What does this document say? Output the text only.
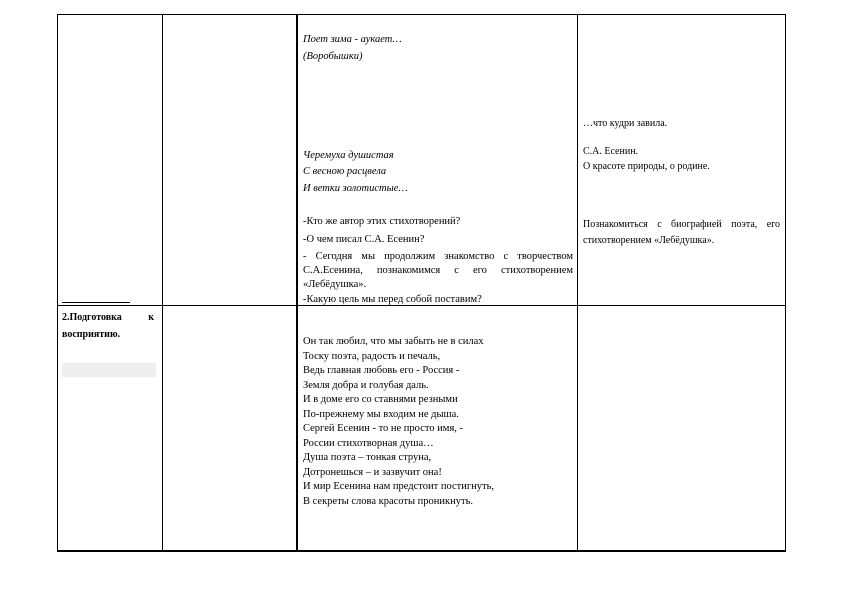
2.Подготовка к восприятию.
Поет зима - аукает…
(Воробышки)
Черемуха душистая
С весною расцвела
И ветки золотистые…
-Кто же автор этих стихотворений?
-О чем писал С.А. Есенин?
- Сегодня мы продолжим знакомство с творчеством С.А.Есенина, познакомимся с его стихотворением «Лебёдушка».
-Какую цель мы перед собой поставим?
Он так любил, что мы забыть не в силах
Тоску поэта, радость и печаль,
Ведь главная любовь его - Россия -
Земля добра и голубая даль.
И в доме его со ставнями резными
По-прежнему мы входим не дыша.
Сергей Есенин - то не просто имя, -
России стихотворная душа…
Душа поэта – тонкая струна,
Дотронешься – и зазвучит она!
И мир Есенина нам предстоит постигнуть,
В секреты слова красоты проникнуть.
…что кудри завила.
С.А. Есенин.
О красоте природы, о родине.
Познакомиться с биографией поэта, его стихотворением «Лебёдушка».
